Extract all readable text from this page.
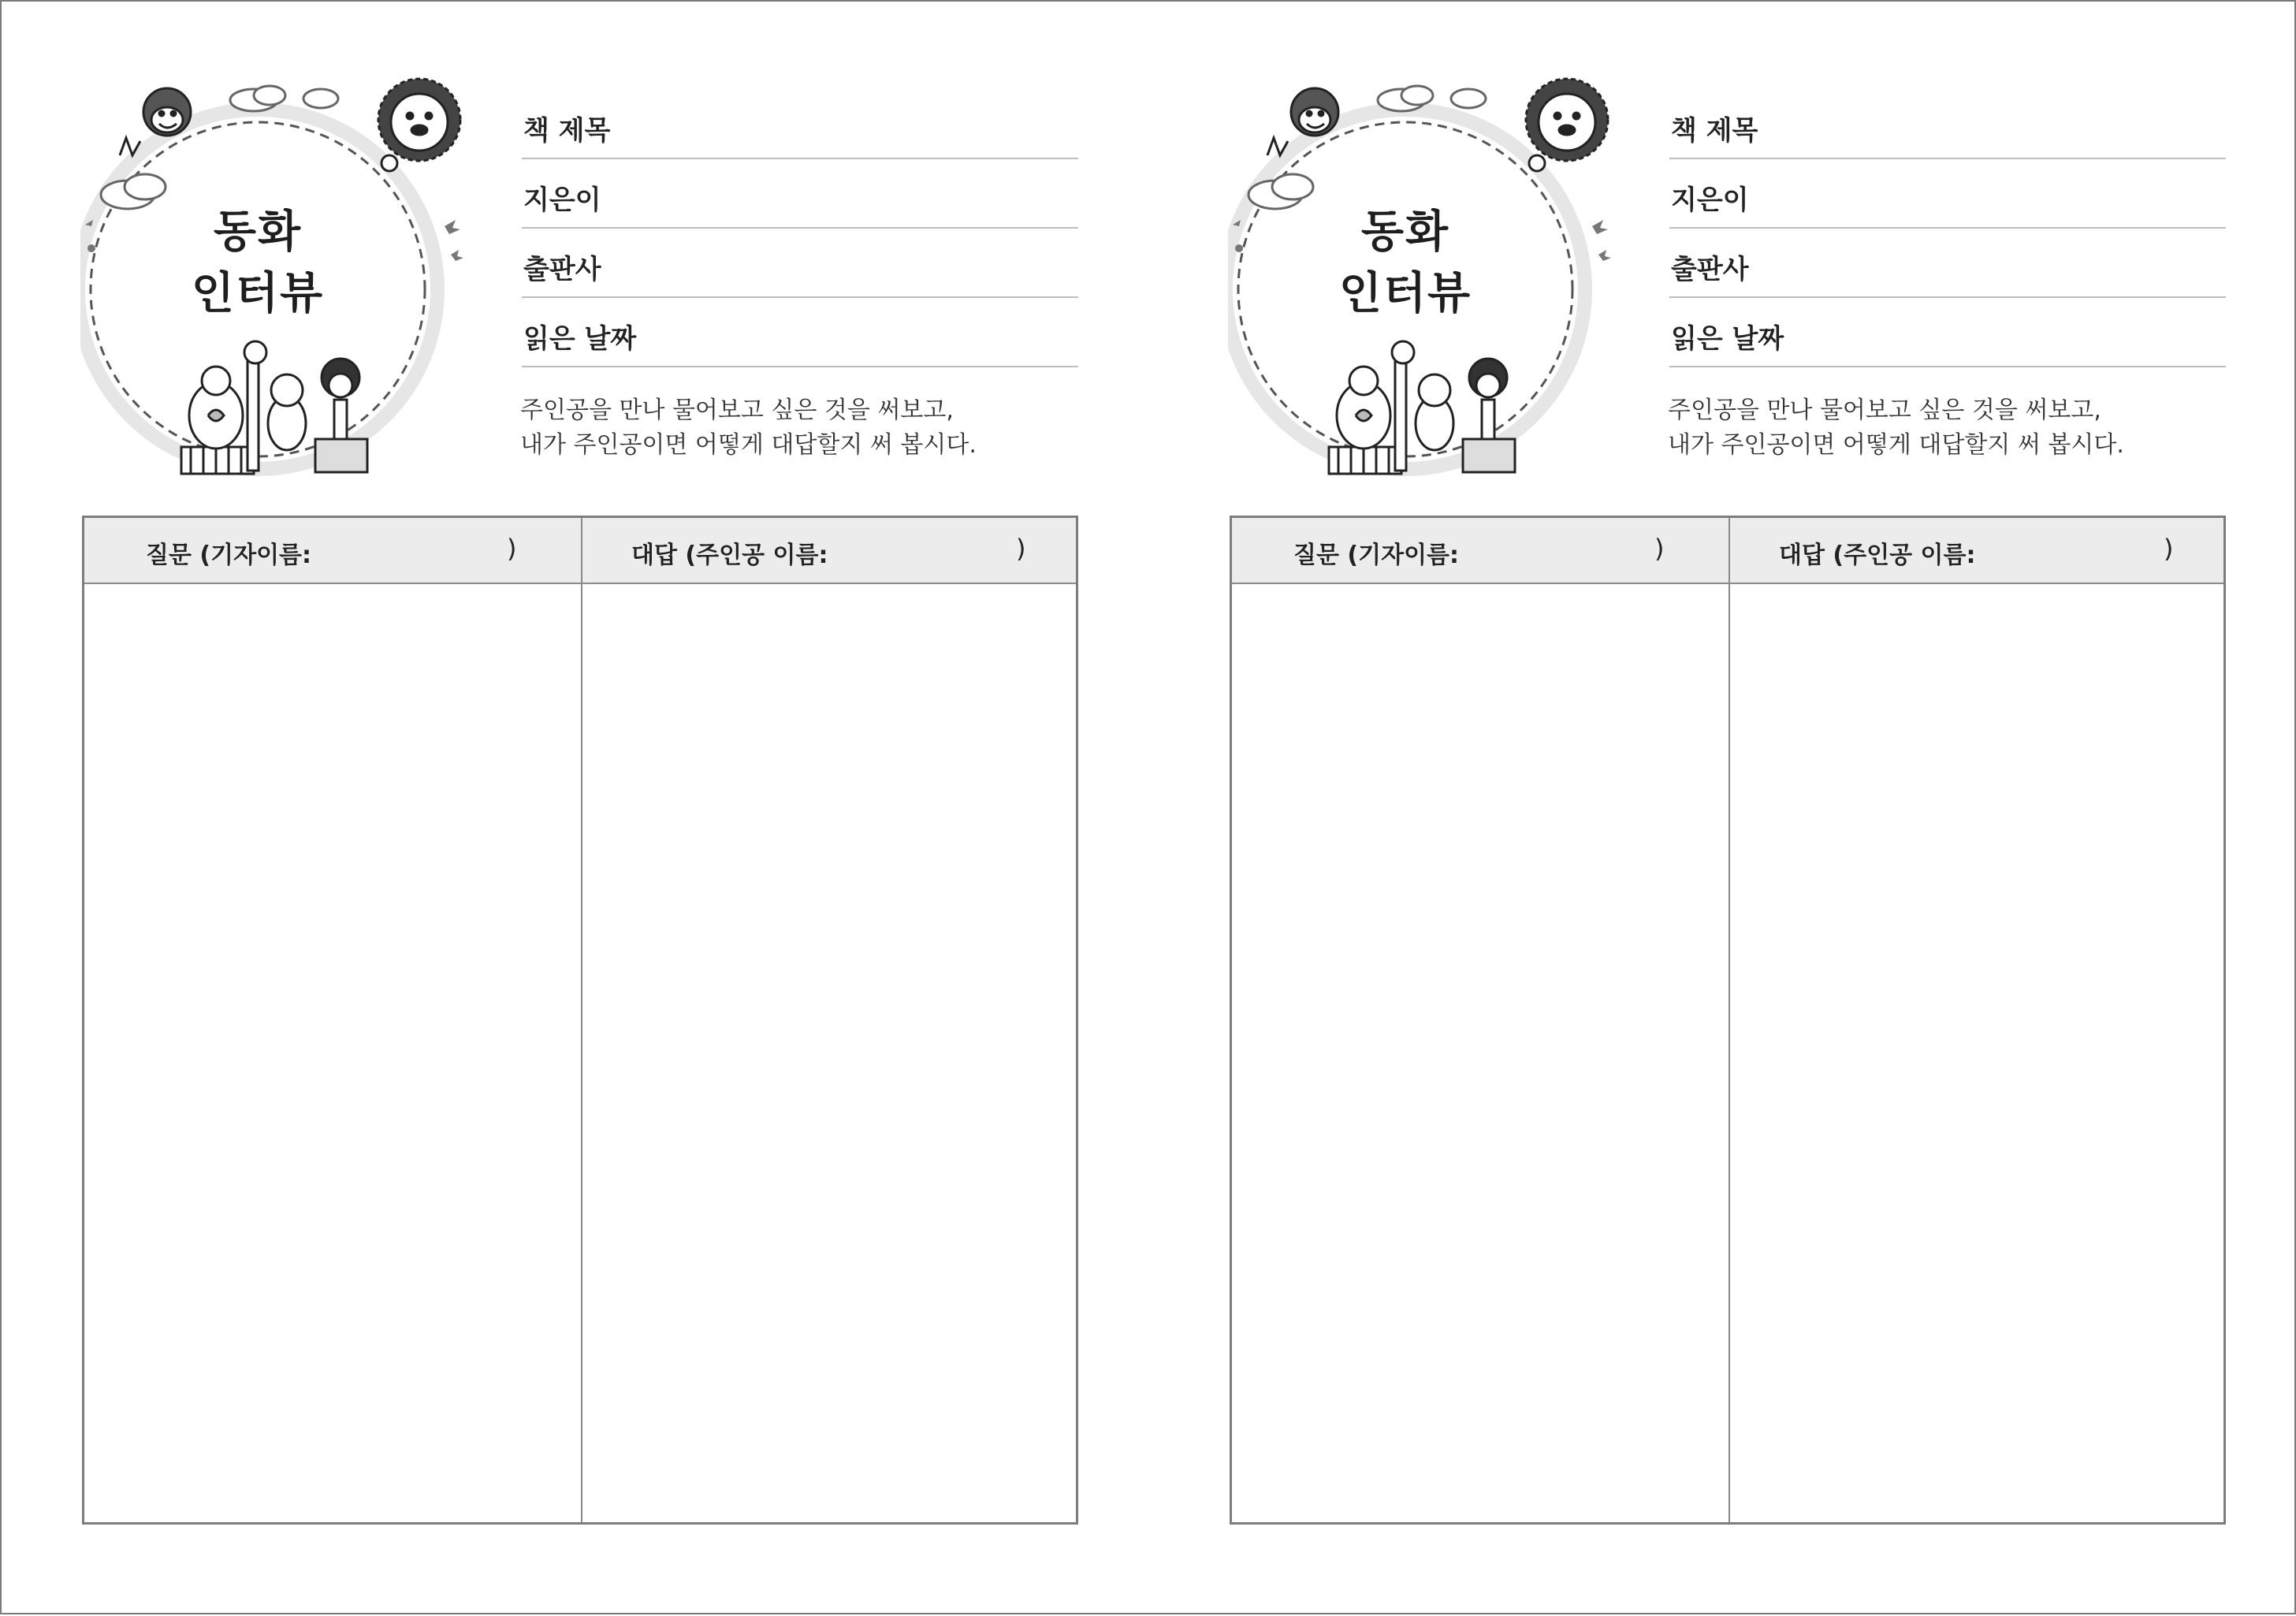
동화
인터뷰
책 제목
지은이
출판사
읽은 날짜

주인공을 만나 물어보고 싶은 것을 써보고,

내가 주인공이면 어떻게 대답할지 써 봅시다.

질문 (기자이름:	)	대답 (주인공 이름:	)
동화
인터뷰
책 제목
지은이
출판사
읽은 날짜

주인공을 만나 물어보고 싶은 것을 써보고,

내가 주인공이면 어떻게 대답할지 써 봅시다.

질문 (기자이름:	)	대답 (주인공 이름:	)
